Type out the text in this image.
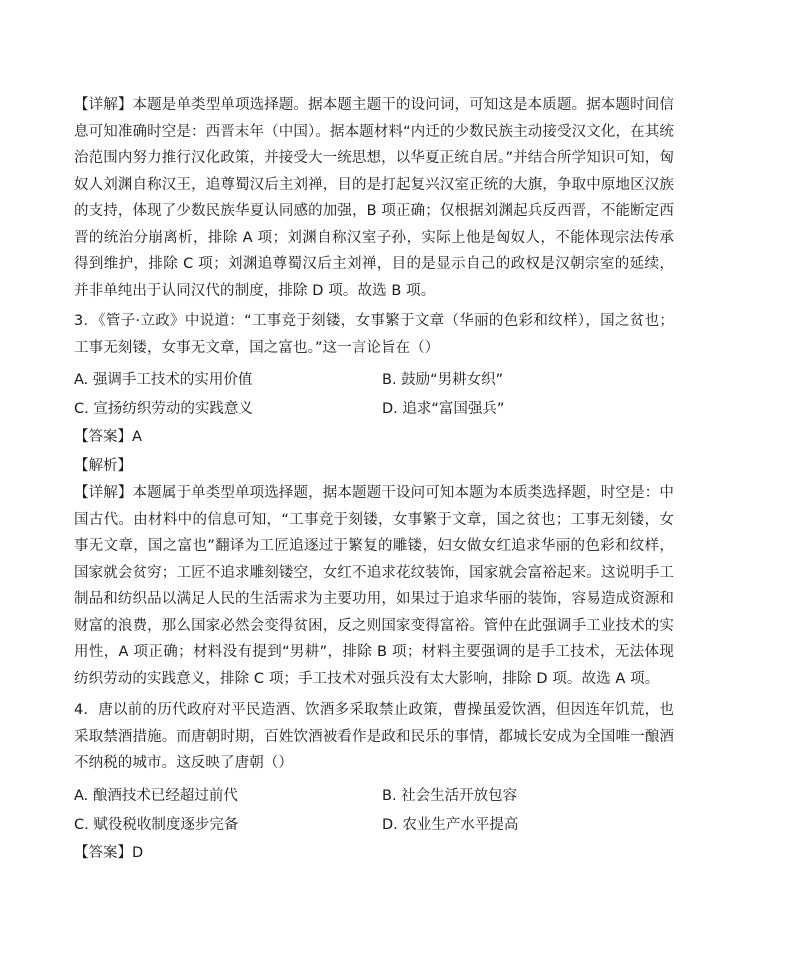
【详解】本题是单类型单项选择题。据本题主题干的设问词，可知这是本质题。据本题时间信息可知准确时空是：西晋末年（中国）。据本题材料“内迁的少数民族主动接受汉文化，在其统治范围内努力推行汉化政策，并接受大一统思想，以华夏正统自居。”并结合所学知识可知，匈奴人刘渊自称汉王，追尊蜀汉后主刘禅，目的是打起复兴汉室正统的大旗，争取中原地区汉族的支持，体现了少数民族华夏认同感的加强，B 项正确；仅根据刘渊起兵反西晋，不能断定西晋的统治分崩离析，排除 A 项；刘渊自称汉室子孙，实际上他是匈奴人，不能体现宗法传承得到维护，排除 C 项；刘渊追尊蜀汉后主刘禅，目的是显示自己的政权是汉朝宗室的延续，并非单纯出于认同汉代的制度，排除 D 项。故选 B 项。

3．《管子·立政》中说道：“工事竞于刻镂，女事繁于文章（华丽的色彩和纹样），国之贫也；工事无刻镂，女事无文章，国之富也。”这一言论旨在（）

A. 强调手工技术的实用价值	B. 鼓励“男耕女织”
C. 宣扬纺织劳动的实践意义	D. 追求“富国强兵”
【答案】A
【解析】

【详解】本题属于单类型单项选择题，据本题题干设问可知本题为本质类选择题，时空是：中国古代。由材料中的信息可知，“工事竞于刻镂，女事繁于文章，国之贫也；工事无刻镂，女事无文章，国之富也”翻译为工匠追逐过于繁复的雕镂，妇女做女红追求华丽的色彩和纹样，国家就会贫穷；工匠不追求雕刻镂空，女红不追求花纹装饰，国家就会富裕起来。这说明手工制品和纺织品以满足人民的生活需求为主要功用，如果过于追求华丽的装饰，容易造成资源和财富的浪费，那么国家必然会变得贫困，反之则国家变得富裕。管仲在此强调手工业技术的实用性，A 项正确；材料没有提到“男耕”，排除 B 项；材料主要强调的是手工技术，无法体现纺织劳动的实践意义，排除 C 项；手工技术对强兵没有太大影响，排除 D 项。故选 A 项。

4．唐以前的历代政府对平民造酒、饮酒多采取禁止政策，曹操虽爱饮酒，但因连年饥荒，也采取禁酒措施。而唐朝时期，百姓饮酒被看作是政和民乐的事情，都城长安成为全国唯一酿酒不纳税的城市。这反映了唐朝（）

A. 酿酒技术已经超过前代	B. 社会生活开放包容
C. 赋役税收制度逐步完备	D. 农业生产水平提高
【答案】D
